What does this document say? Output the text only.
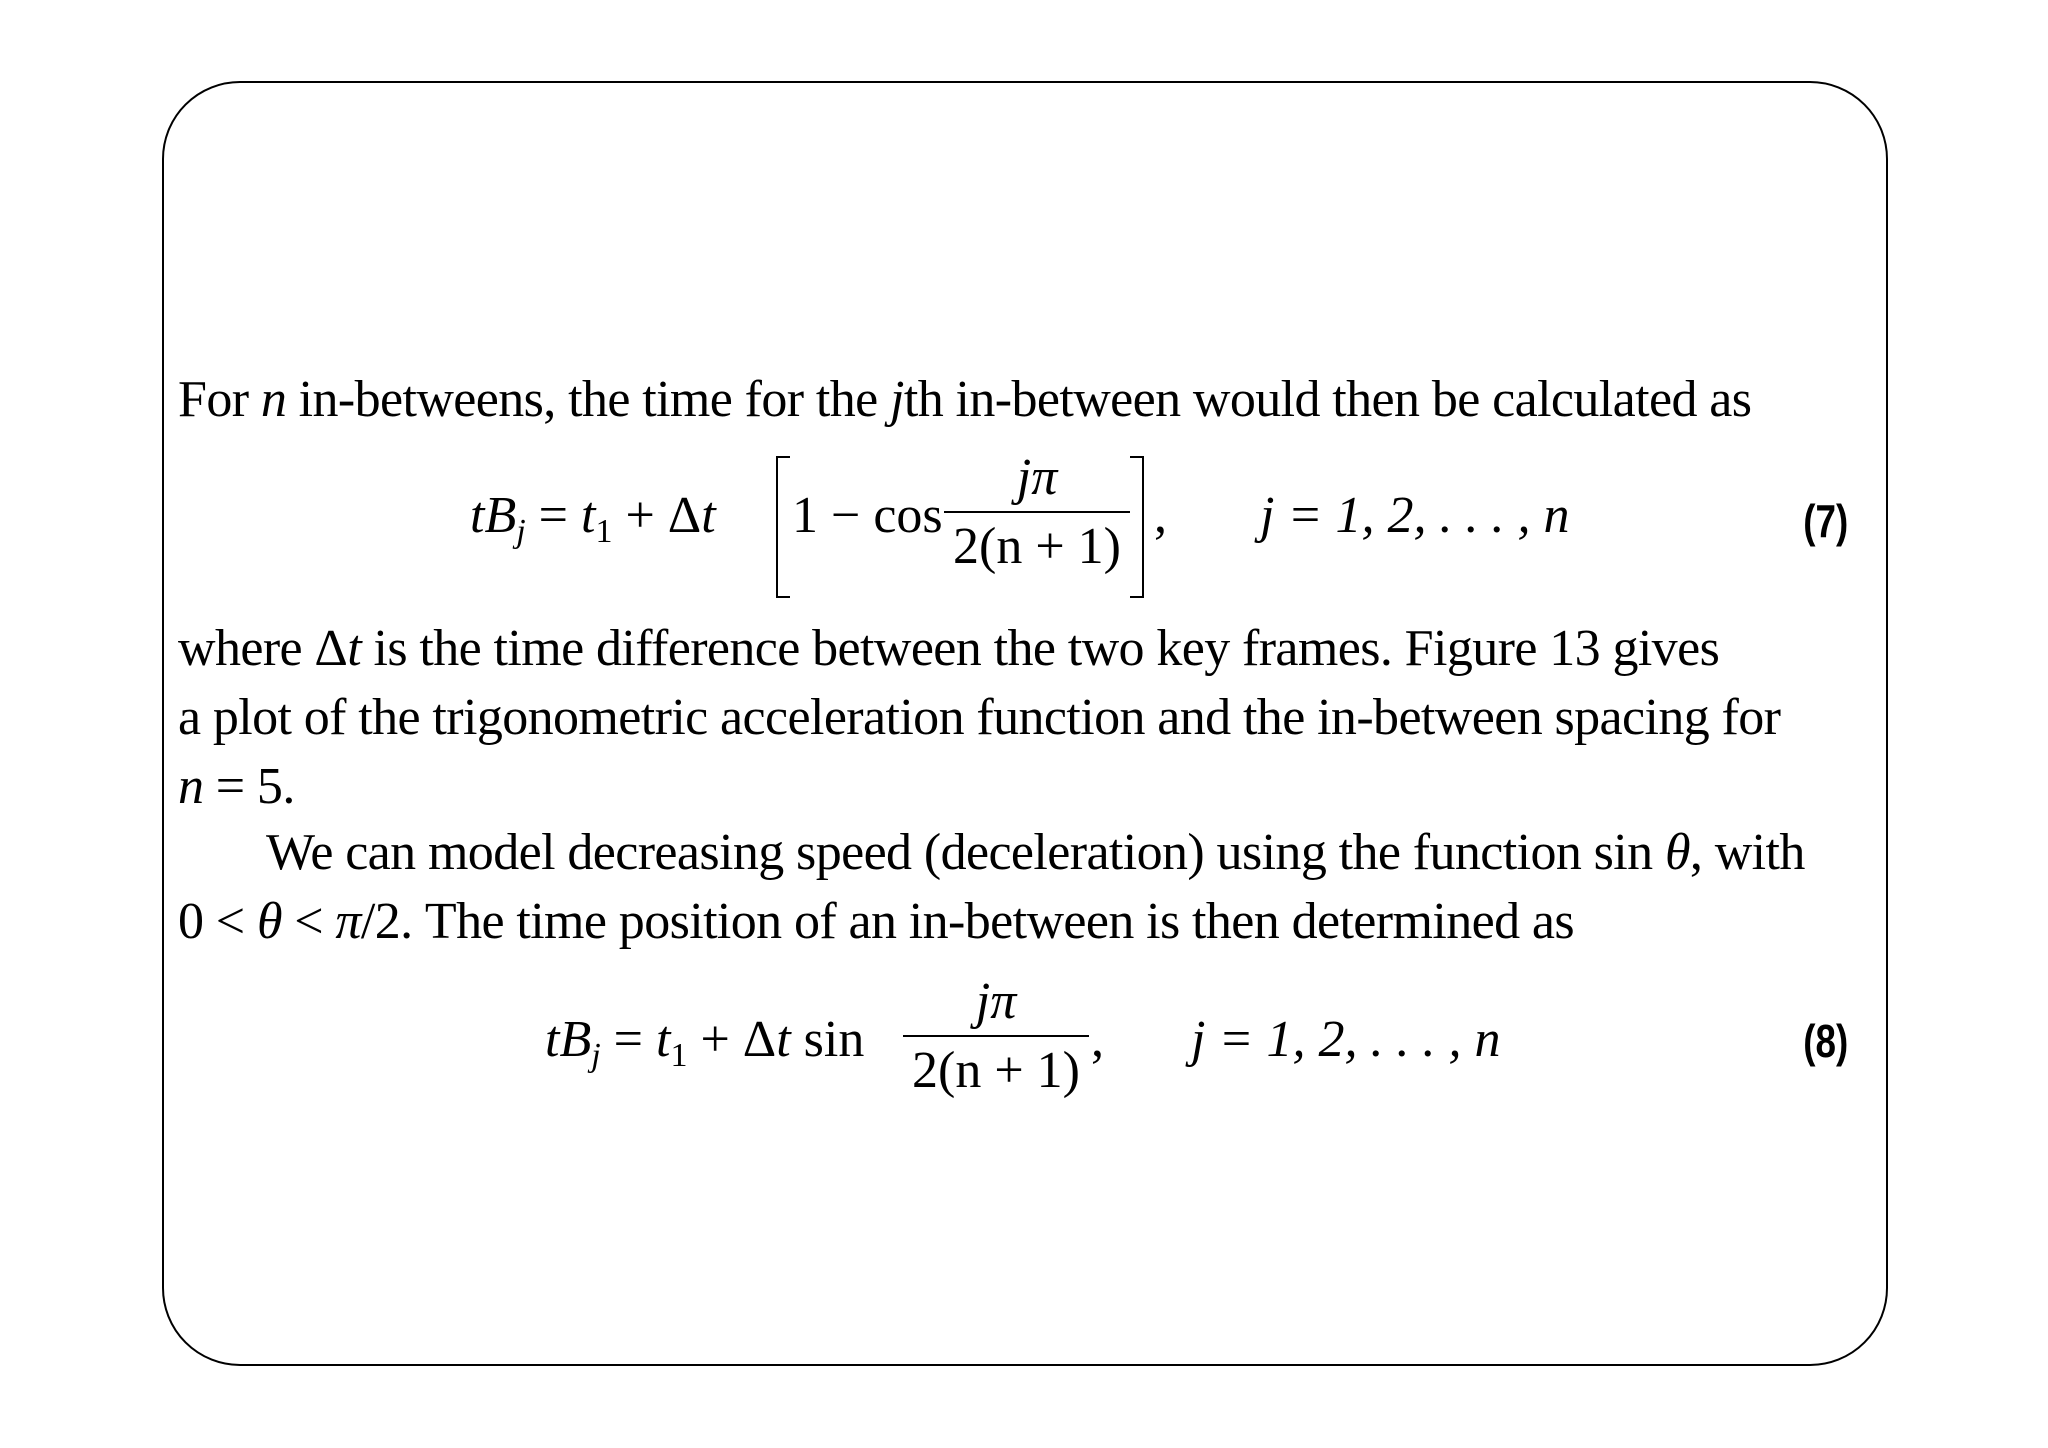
For n in-betweens, the time for the jth in-between would then be calculated as
$tB_j = t_1 + \Delta t$ 1 − cos
jπ
2(n + 1)
, j = 1, 2, . . . , n	(7)
where Δt is the time difference between the two key frames. Figure 13 gives
a plot of the trigonometric acceleration function and the in-between spacing for
n = 5.
We can model decreasing speed (deceleration) using the function sin θ, with
0 < θ < π/2. The time position of an in-between is then determined as
$tB_j = t_1 + \Delta t$ sin
jπ
2(n + 1)
, j = 1, 2, . . . , n	(8)
